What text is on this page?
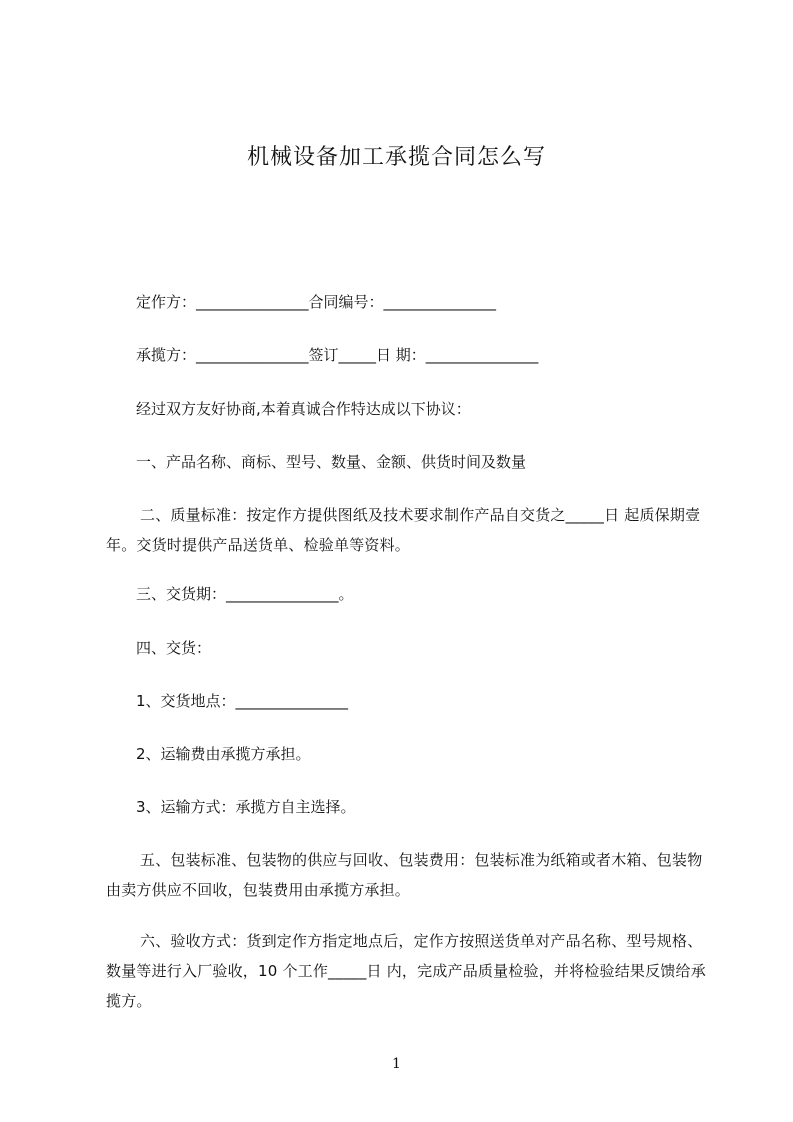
机械设备加工承揽合同怎么写
定作方：_______________合同编号：_______________
承揽方：_______________签订_____日 期：_______________
经过双方友好协商,本着真诚合作特达成以下协议：
一、产品名称、商标、型号、数量、金额、供货时间及数量
二、质量标准：按定作方提供图纸及技术要求制作产品自交货之_____日 起质保期壹年。交货时提供产品送货单、检验单等资料。
三、交货期：_______________。
四、交货：
1、交货地点：_______________
2、运输费由承揽方承担。
3、运输方式：承揽方自主选择。
五、包装标准、包装物的供应与回收、包装费用：包装标准为纸箱或者木箱、包装物由卖方供应不回收，包装费用由承揽方承担。
六、验收方式：货到定作方指定地点后，定作方按照送货单对产品名称、型号规格、数量等进行入厂验收，10 个工作_____日 内，完成产品质量检验，并将检验结果反馈给承揽方。
1
